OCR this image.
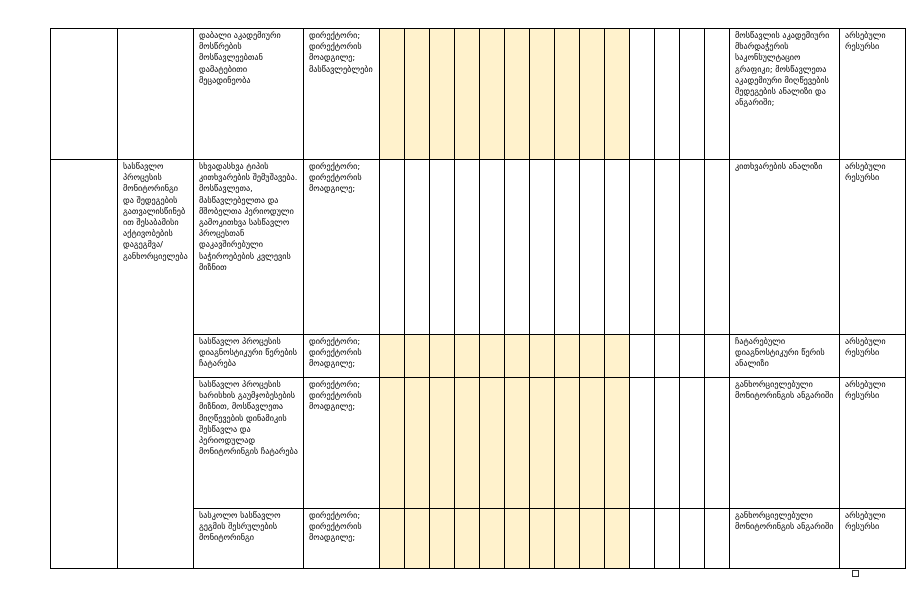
		დაბალი აკადემიური მოსწრების მოსწავლეებთან დამატებითი მეცადინეობა	დირექტორი; დირექტორის მოადგილე; მასწავლებლები															მოსწავლის აკადემიური მხარდაჭერის საკონსულტაციო გრაფიკი; მოსწავლეთა აკადემიური მიღწევების შედეგების ანალიზი და ანგარიში;	არსებული რესურსი
	სასწავლო პროცესის მონიტორინგი და შედეგების გათვალისწინებით შესაბამისი აქტივობების დაგეგმვა/ განხორციელება	სხვადასხვა ტიპის კითხვარების შემუშავება. მოსწავლეთა, მასწავლებელთა და მშობელთა პერიოდული გამოკითხვა სასწავლო პროცესთან დაკავშირებული საჭიროებების კვლევის მიზნით	დირექტორი; დირექტორის მოადგილე;															კითხვარების ანალიზი	არსებული რესურსი
		სასწავლო პროცესის დიაგნოსტიკური წერების ჩატარება	დირექტორი; დირექტორის მოადგილე;															ჩატარებული დიაგნოსტიკური წერის ანალიზი	არსებული რესურსი
		სასწავლო პროცესის ხარისხის გაუმჯობესების მიზნით, მოსწავლეთა მიღწევების დინამიკის შესწავლა და პერიოდულად მონიტორინგის ჩატარება	დირექტორი; დირექტორის მოადგილე;															განხორციელებული მონიტორინგის ანგარიში	არსებული რესურსი
		სასკოლო სასწავლო გეგმის შესრულების მონიტორინგი	დირექტორი; დირექტორის მოადგილე;															განხორციელებული მონიტორინგის ანგარიში	არსებული რესურსი
